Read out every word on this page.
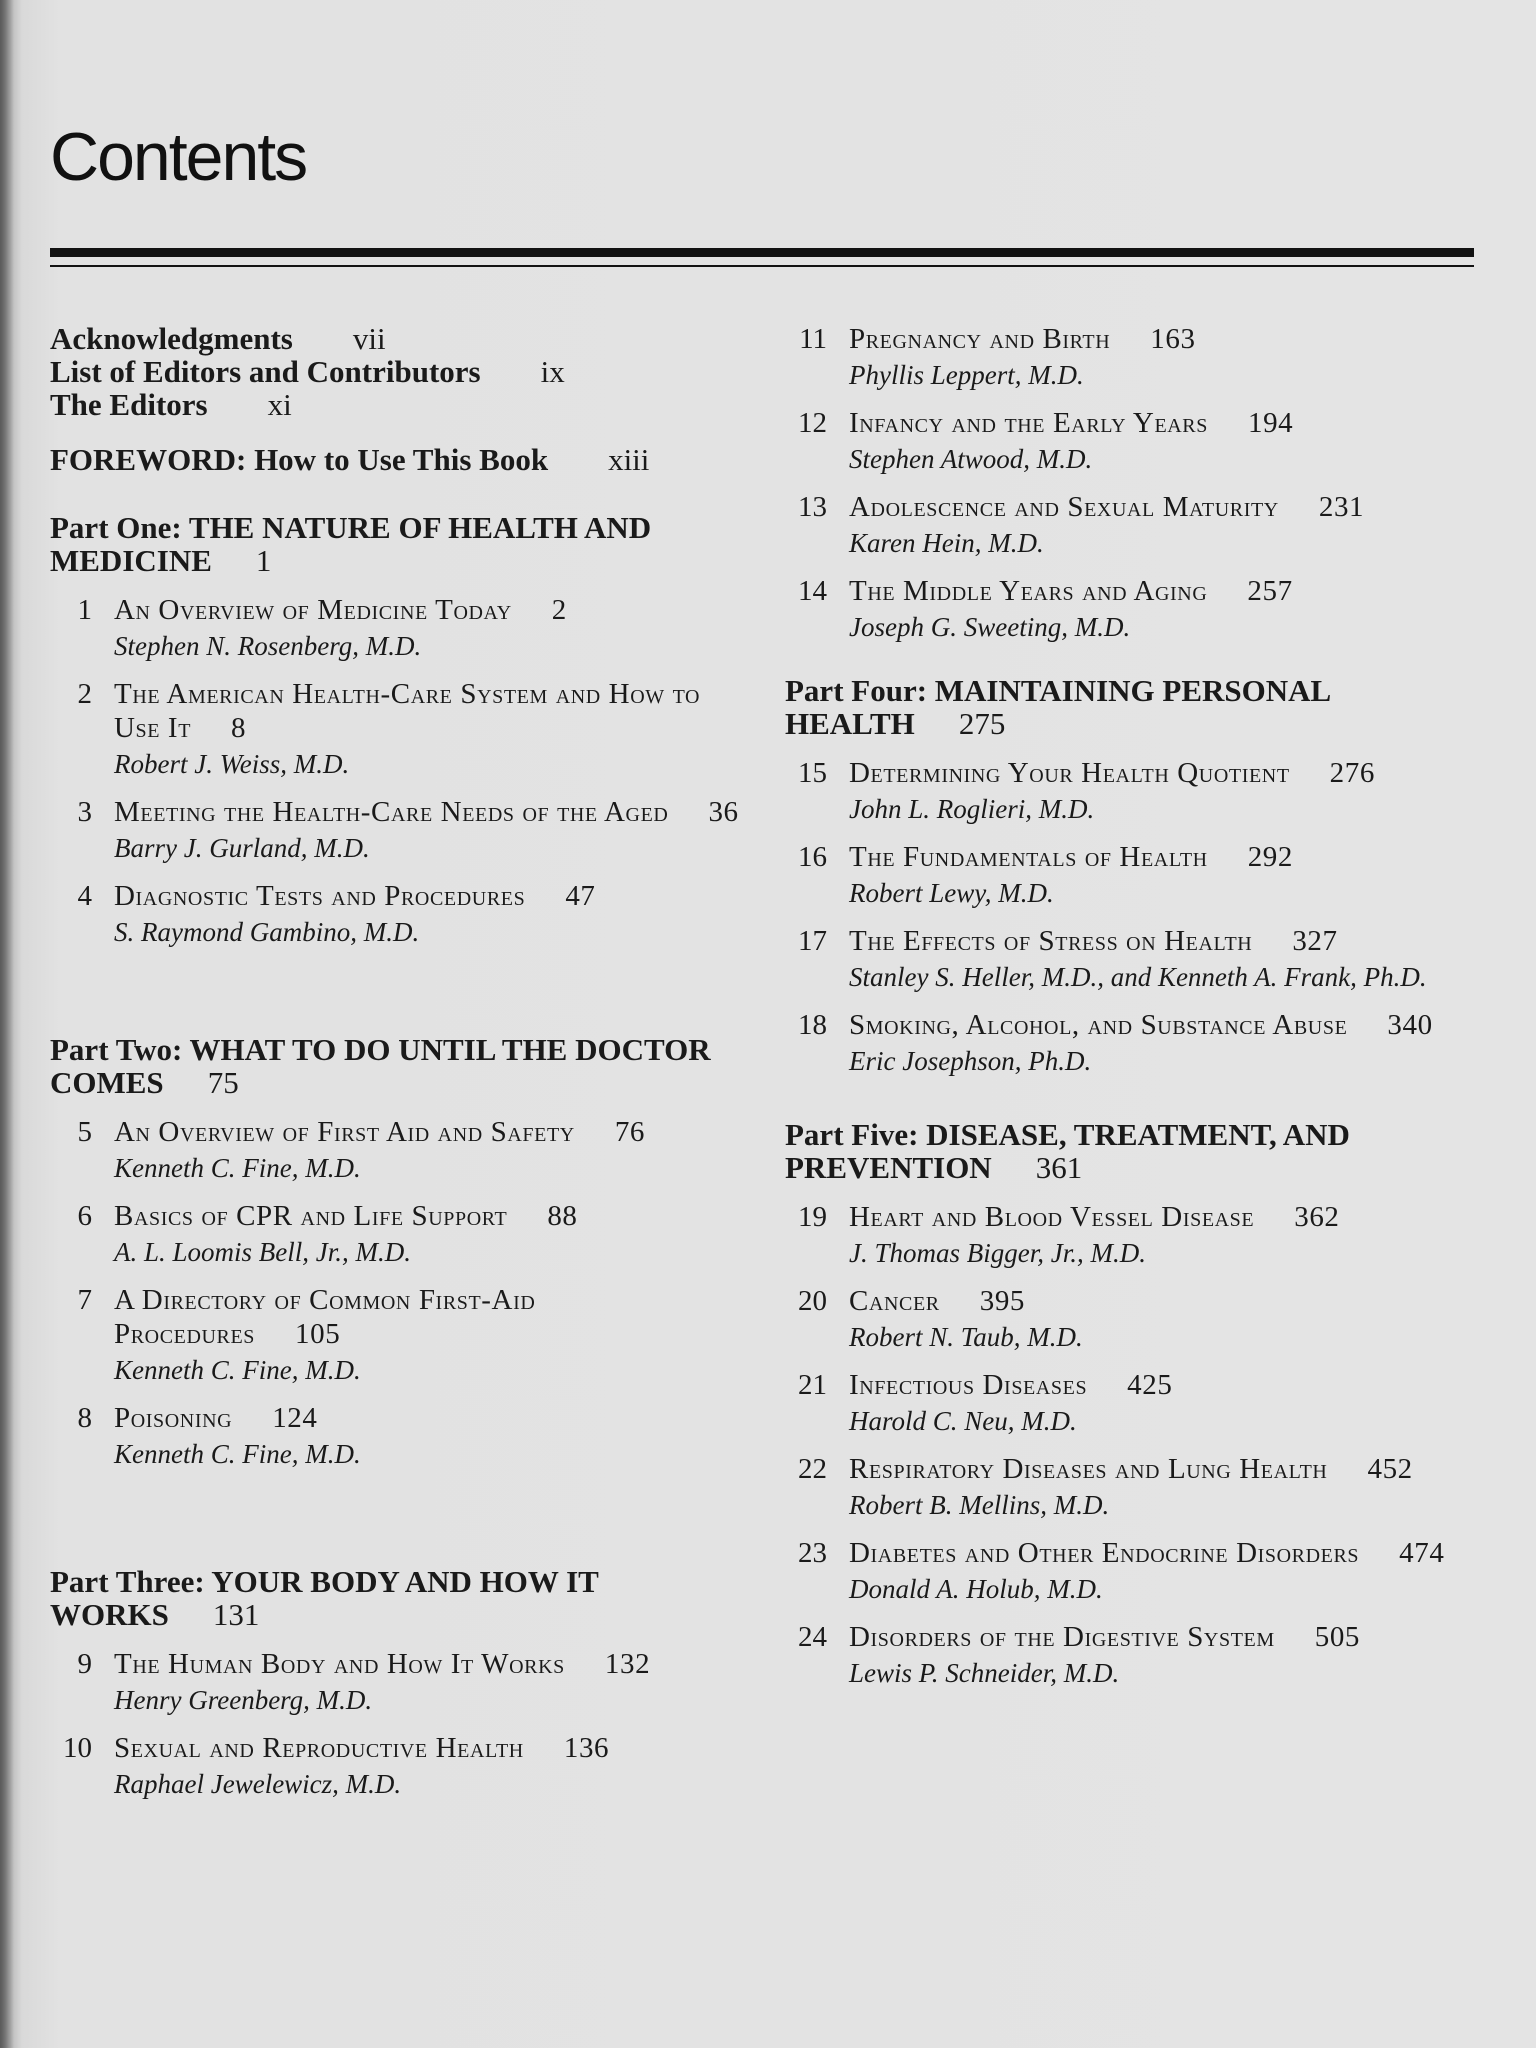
Contents
Acknowledgments vii
List of Editors and Contributors ix
The Editors xi
FOREWORD: How to Use This Book xiii
Part One: THE NATURE OF HEALTH AND MEDICINE 1
1 An Overview of Medicine Today 2
Stephen N. Rosenberg, M.D.
2 The American Health-Care System and How to Use It 8
Robert J. Weiss, M.D.
3 Meeting the Health-Care Needs of the Aged 36
Barry J. Gurland, M.D.
4 Diagnostic Tests and Procedures 47
S. Raymond Gambino, M.D.
Part Two: WHAT TO DO UNTIL THE DOCTOR COMES 75
5 An Overview of First Aid and Safety 76
Kenneth C. Fine, M.D.
6 Basics of CPR and Life Support 88
A. L. Loomis Bell, Jr., M.D.
7 A Directory of Common First-Aid Procedures 105
Kenneth C. Fine, M.D.
8 Poisoning 124
Kenneth C. Fine, M.D.
Part Three: YOUR BODY AND HOW IT WORKS 131
9 The Human Body and How It Works 132
Henry Greenberg, M.D.
10 Sexual and Reproductive Health 136
Raphael Jewelewicz, M.D.
11 Pregnancy and Birth 163
Phyllis Leppert, M.D.
12 Infancy and the Early Years 194
Stephen Atwood, M.D.
13 Adolescence and Sexual Maturity 231
Karen Hein, M.D.
14 The Middle Years and Aging 257
Joseph G. Sweeting, M.D.
Part Four: MAINTAINING PERSONAL HEALTH 275
15 Determining Your Health Quotient 276
John L. Roglieri, M.D.
16 The Fundamentals of Health 292
Robert Lewy, M.D.
17 The Effects of Stress on Health 327
Stanley S. Heller, M.D., and Kenneth A. Frank, Ph.D.
18 Smoking, Alcohol, and Substance Abuse 340
Eric Josephson, Ph.D.
Part Five: DISEASE, TREATMENT, AND PREVENTION 361
19 Heart and Blood Vessel Disease 362
J. Thomas Bigger, Jr., M.D.
20 Cancer 395
Robert N. Taub, M.D.
21 Infectious Diseases 425
Harold C. Neu, M.D.
22 Respiratory Diseases and Lung Health 452
Robert B. Mellins, M.D.
23 Diabetes and Other Endocrine Disorders 474
Donald A. Holub, M.D.
24 Disorders of the Digestive System 505
Lewis P. Schneider, M.D.
